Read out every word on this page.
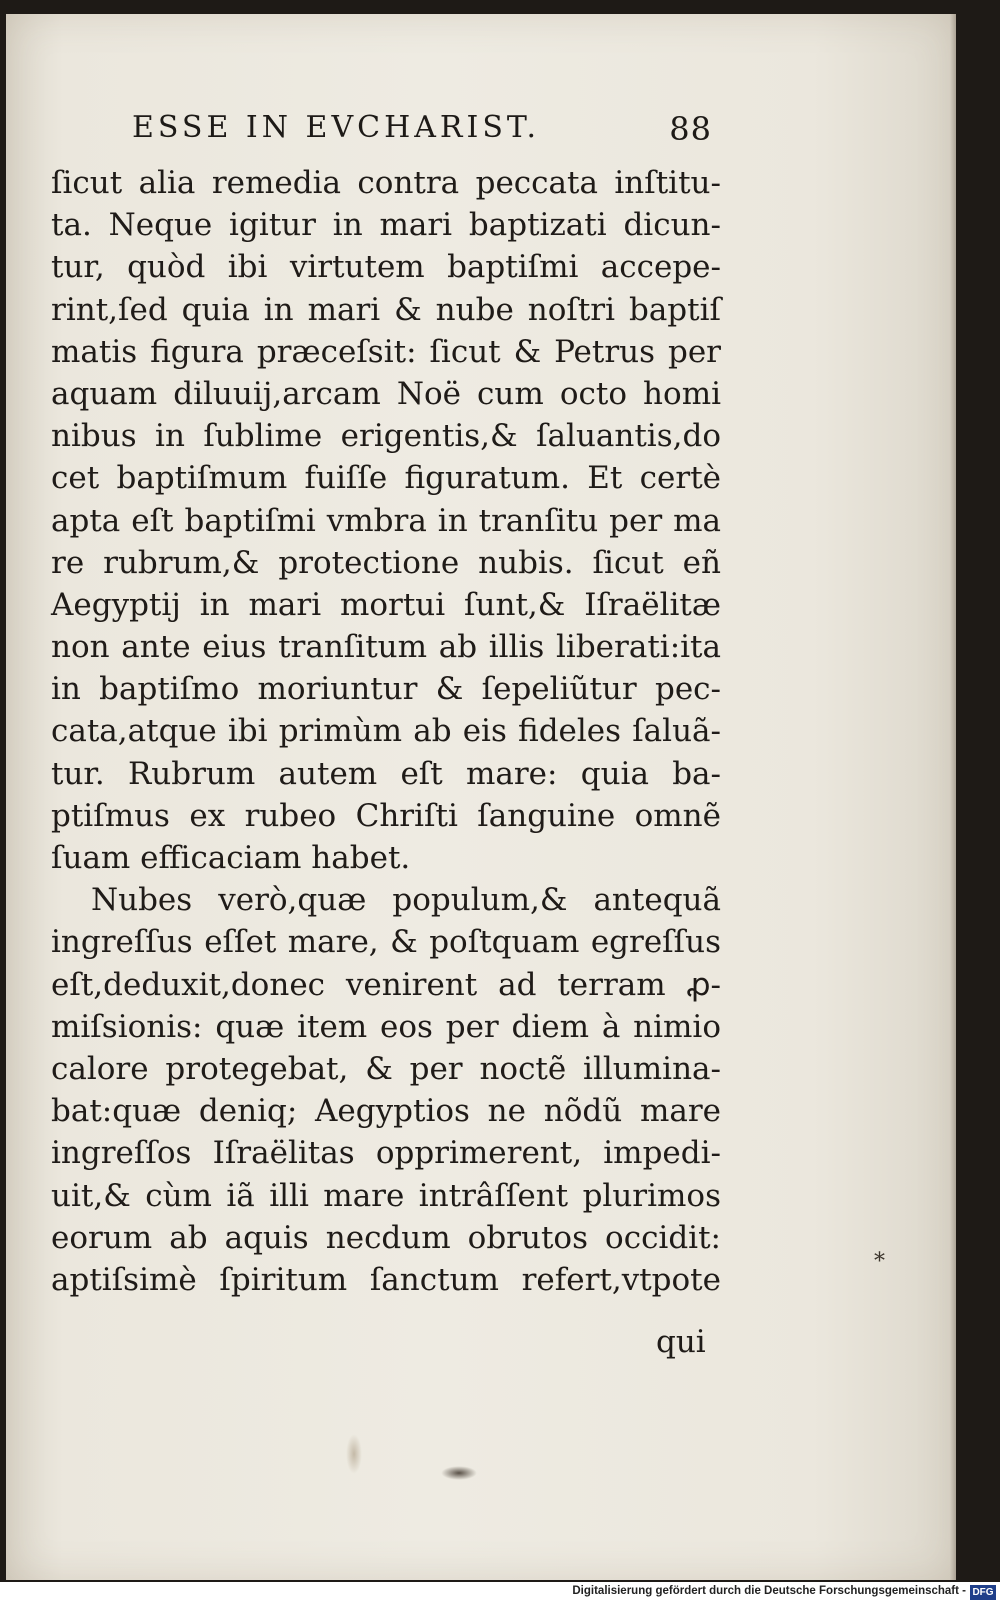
ESSE IN EVCHARIST.	88
ſicut alia remedia contra peccata inſtitu-
ta. Neque igitur in mari baptizati dicun-
tur, quòd ibi virtutem baptiſmi accepe-
rint,ſed quia in mari & nube noſtri baptiſ
matis figura præceſsit: ſicut & Petrus per
aquam diluuij,arcam Noë cum octo homi
nibus in ſublime erigentis,& ſaluantis,do
cet baptiſmum fuiſſe figuratum. Et certè
apta eſt baptiſmi vmbra in tranſitu per ma
re rubrum,& protectione nubis. ſicut eñ
Aegyptij in mari mortui ſunt,& Iſraëlitæ
non ante eius tranſitum ab illis liberati:ita
in baptiſmo moriuntur & ſepeliũtur pec-
cata,atque ibi primùm ab eis fideles ſaluã-
tur. Rubrum autem eſt mare: quia ba-
ptiſmus ex rubeo Chriſti ſanguine omnẽ
ſuam efficaciam habet.
Nubes verò,quæ populum,& antequã
ingreſſus eſſet mare, & poſtquam egreſſus
eſt,deduxit,donec venirent ad terram ꝓ-
miſsionis: quæ item eos per diem à nimio
calore protegebat, & per noctẽ illumina-
bat:quæ deniq; Aegyptios ne nõdũ mare
ingreſſos Iſraëlitas opprimerent, impedi-
uit,& cùm iã illi mare intrâſſent plurimos
eorum ab aquis necdum obrutos occidit:
aptiſsimè ſpiritum ſanctum refert,vtpote
qui
⁎
Digitalisierung gefördert durch die Deutsche Forschungsgemeinschaft - DFG
